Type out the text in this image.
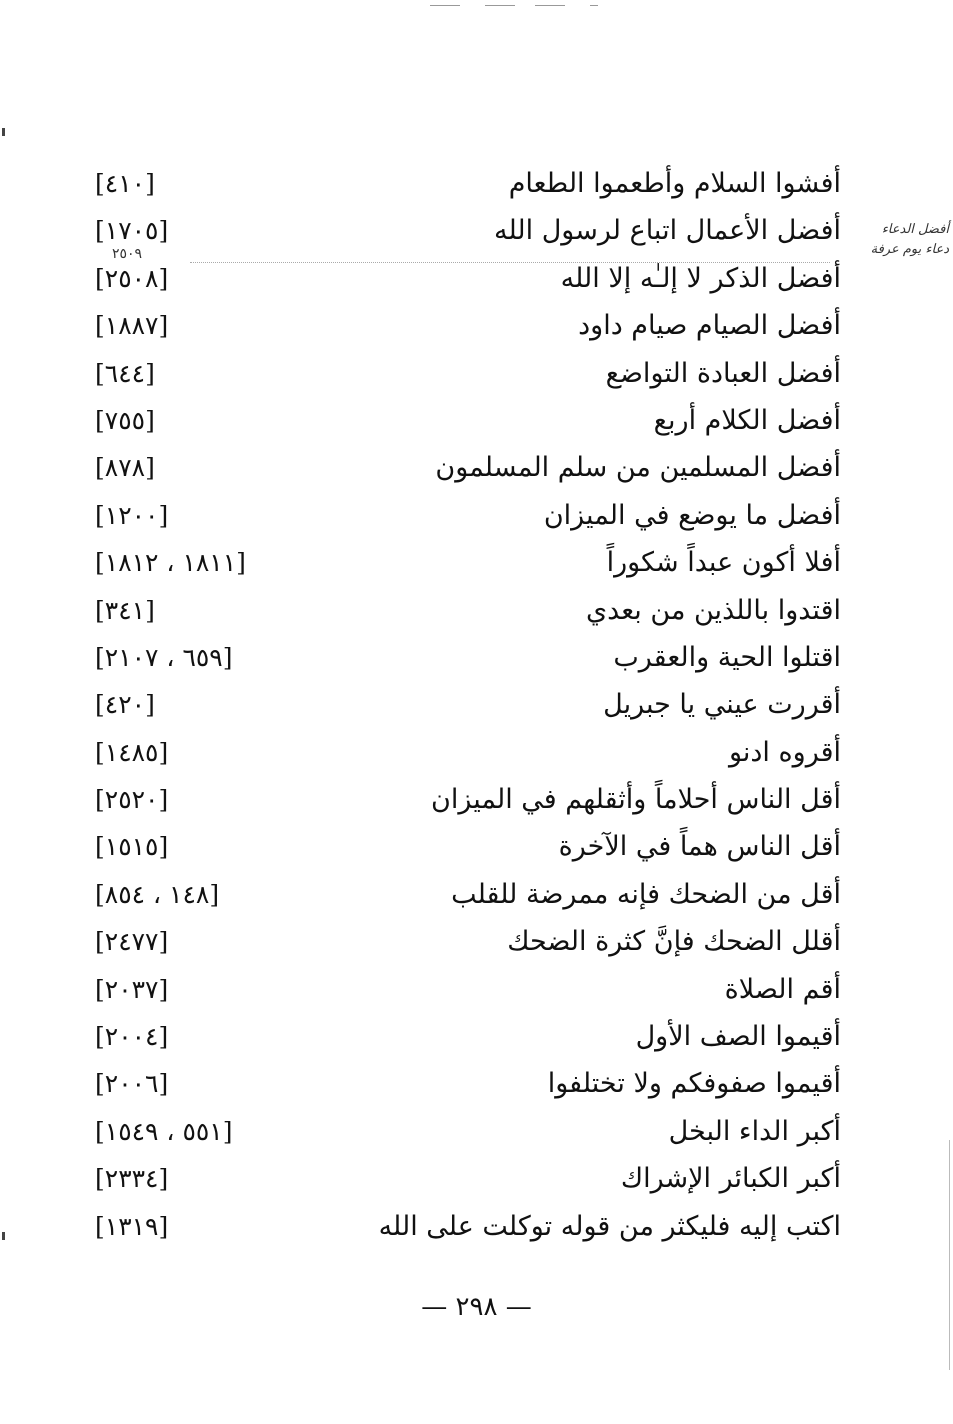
أفضل الدعاء
دعاء يوم عرفة
٢٥٠٩
أفشوا السلام وأطعموا الطعام
[٤١٠]
أفضل الأعمال اتباع لرسول الله
[١٧٠٥]
أفضل الذكر لا إلـٰه إلا الله
[٢٥٠٨]
أفضل الصيام صيام داود
[١٨٨٧]
أفضل العبادة التواضع
[٦٤٤]
أفضل الكلام أربع
[٧٥٥]
أفضل المسلمين من سلم المسلمون
[٨٧٨]
أفضل ما يوضع في الميزان
[١٢٠٠]
أفلا أكون عبداً شكوراً
[١٨١١ ، ١٨١٢]
اقتدوا باللذين من بعدي
[٣٤١]
اقتلوا الحية والعقرب
[٦٥٩ ، ٢١٠٧]
أقررت عيني يا جبريل
[٤٢٠]
أقروه ادنو
[١٤٨٥]
أقل الناس أحلاماً وأثقلهم في الميزان
[٢٥٢٠]
أقل الناس هماً في الآخرة
[١٥١٥]
أقل من الضحك فإنه ممرضة للقلب
[١٤٨ ، ٨٥٤]
أقلل الضحك فإنَّ كثرة الضحك
[٢٤٧٧]
أقم الصلاة
[٢٠٣٧]
أقيموا الصف الأول
[٢٠٠٤]
أقيموا صفوفكم ولا تختلفوا
[٢٠٠٦]
أكبر الداء البخل
[٥٥١ ، ١٥٤٩]
أكبر الكبائر الإشراك
[٢٣٣٤]
اكتب إليه فليكثر من قوله توكلت على الله
[١٣١٩]
— ٢٩٨ —
